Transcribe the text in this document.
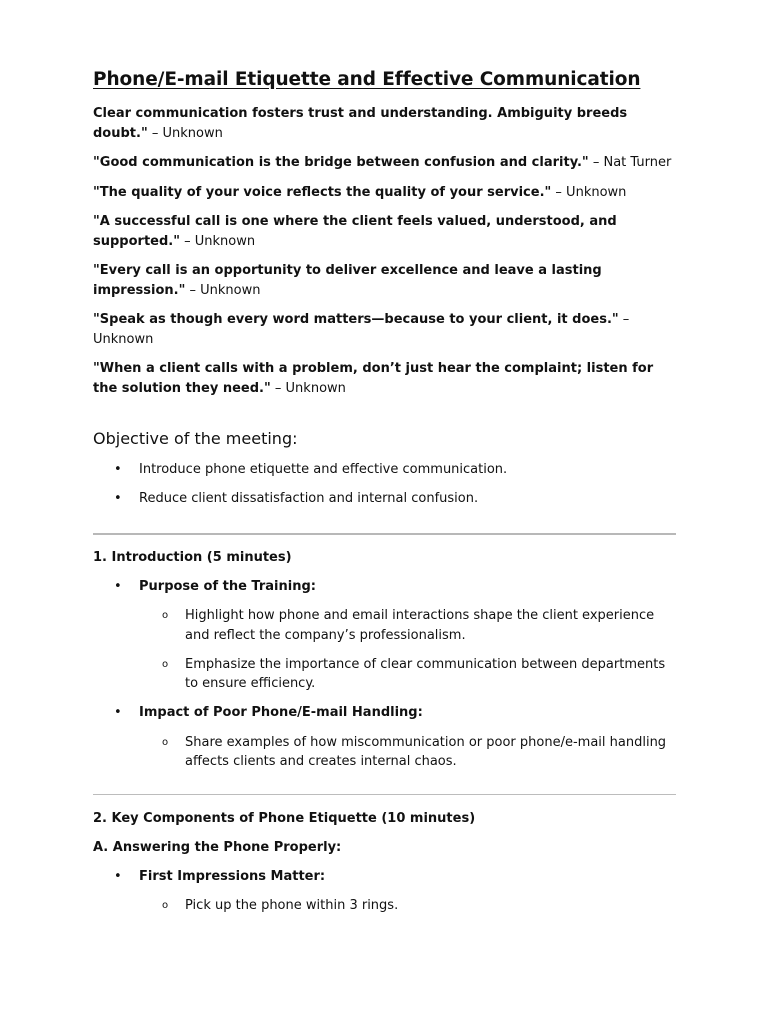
Phone/E-mail Etiquette and Effective Communication

Clear communication fosters trust and understanding. Ambiguity breeds doubt." – Unknown

"Good communication is the bridge between confusion and clarity." – Nat Turner

"The quality of your voice reflects the quality of your service." – Unknown

"A successful call is one where the client feels valued, understood, and supported." – Unknown

"Every call is an opportunity to deliver excellence and leave a lasting impression." – Unknown

"Speak as though every word matters—because to your client, it does." – Unknown

"When a client calls with a problem, don’t just hear the complaint; listen for the solution they need." – Unknown

Objective of the meeting:
• Introduce phone etiquette and effective communication.
• Reduce client dissatisfaction and internal confusion.
1. Introduction (5 minutes)
• Purpose of the Training:
o Highlight how phone and email interactions shape the client experience and reflect the company’s professionalism.
o Emphasize the importance of clear communication between departments to ensure efficiency.
• Impact of Poor Phone/E-mail Handling:
o Share examples of how miscommunication or poor phone/e-mail handling affects clients and creates internal chaos.
2. Key Components of Phone Etiquette (10 minutes)
A. Answering the Phone Properly:
• First Impressions Matter:
o Pick up the phone within 3 rings.
